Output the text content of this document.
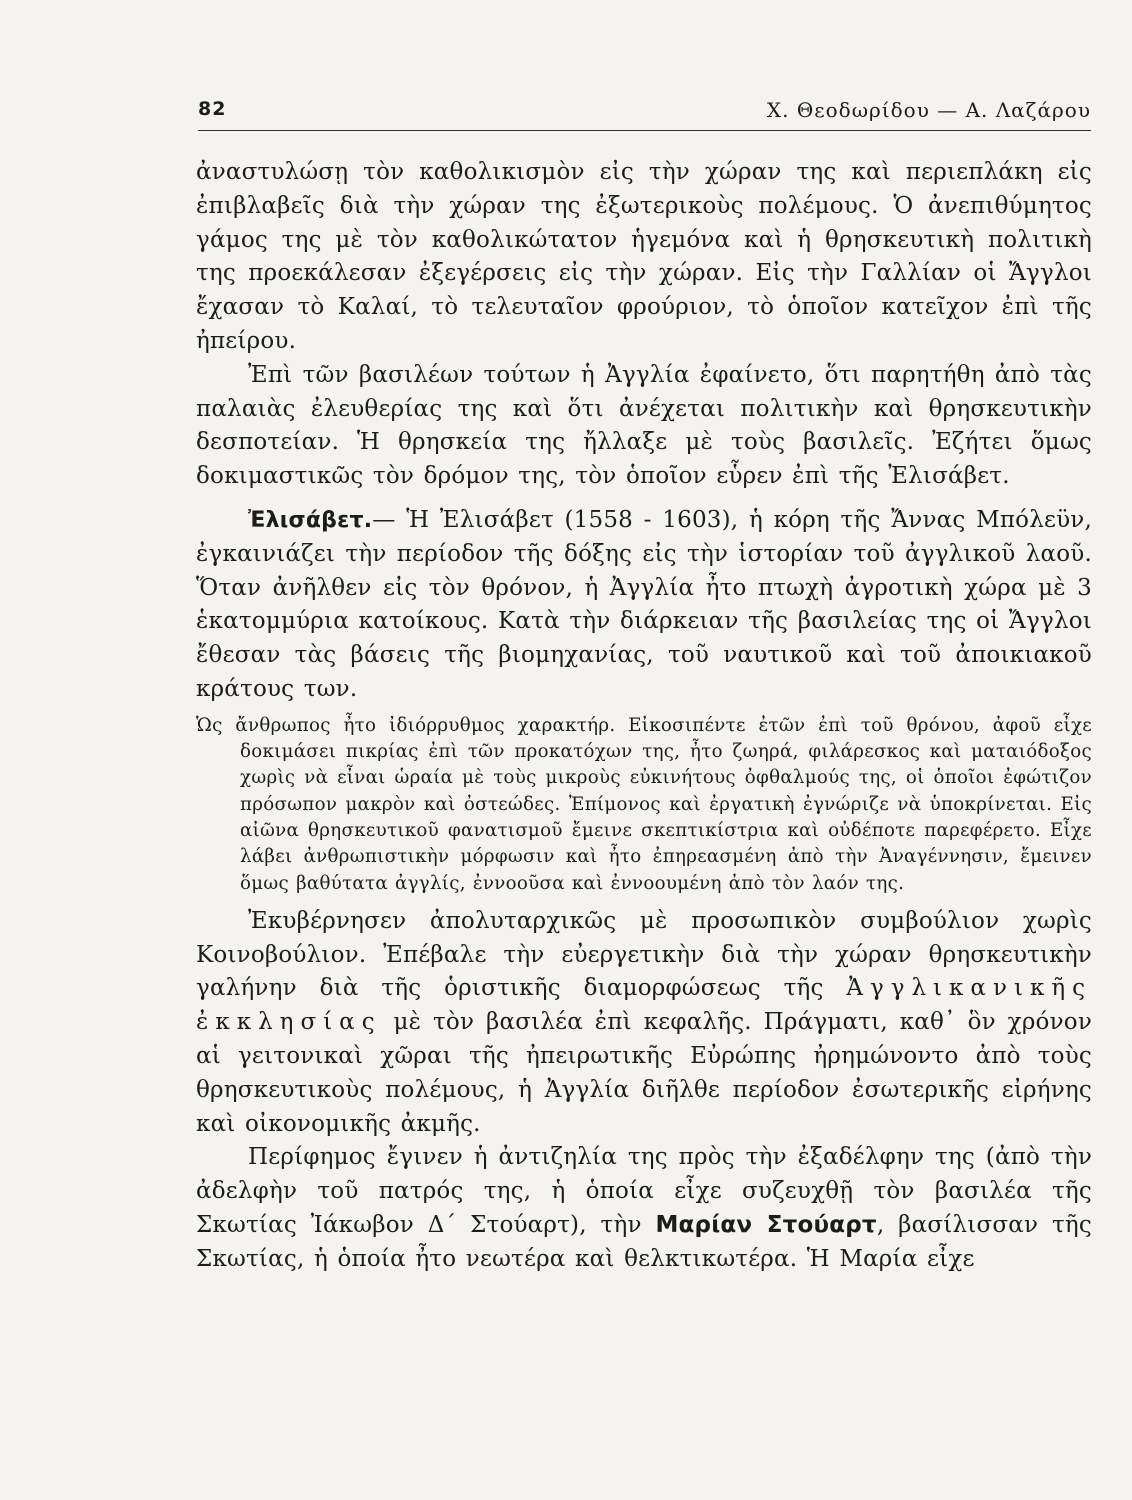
82	Χ. Θεοδωρίδου — Α. Λαζάρου

ἀναστυλώσῃ τὸν καθολικισμὸν εἰς τὴν χώραν της καὶ περιεπλάκη εἰς ἐπιβλαβεῖς διὰ τὴν χώραν της ἐξωτερικοὺς πολέμους. Ὁ ἀνεπιθύμητος γάμος της μὲ τὸν καθολικώτατον ἡγεμόνα καὶ ἡ θρησκευτικὴ πολιτικὴ της προεκάλεσαν ἐξεγέρσεις εἰς τὴν χώραν. Εἰς τὴν Γαλλίαν οἱ Ἄγγλοι ἔχασαν τὸ Καλαί, τὸ τελευταῖον φρούριον, τὸ ὁποῖον κατεῖχον ἐπὶ τῆς ἠπείρου.

Ἐπὶ τῶν βασιλέων τούτων ἡ Ἀγγλία ἐφαίνετο, ὅτι παρητήθη ἀπὸ τὰς παλαιὰς ἐλευθερίας της καὶ ὅτι ἀνέχεται πολιτικὴν καὶ θρησκευτικὴν δεσποτείαν. Ἡ θρησκεία της ἤλλαξε μὲ τοὺς βασιλεῖς. Ἐζήτει ὅμως δοκιμαστικῶς τὸν δρόμον της, τὸν ὁποῖον εὗρεν ἐπὶ τῆς Ἐλισάβετ.

Ἐλισάβετ.— Ἡ Ἐλισάβετ (1558 - 1603), ἡ κόρη τῆς Ἄννας Μπόλεϋν, ἐγκαινιάζει τὴν περίοδον τῆς δόξης εἰς τὴν ἱστορίαν τοῦ ἀγγλικοῦ λαοῦ. Ὅταν ἀνῆλθεν εἰς τὸν θρόνον, ἡ Ἀγγλία ἦτο πτωχὴ ἀγροτικὴ χώρα μὲ 3 ἑκατομμύρια κατοίκους. Κατὰ τὴν διάρκειαν τῆς βασιλείας της οἱ Ἄγγλοι ἔθεσαν τὰς βάσεις τῆς βιομηχανίας, τοῦ ναυτικοῦ καὶ τοῦ ἀποικιακοῦ κράτους των.

Ὡς ἄνθρωπος ἦτο ἰδιόρρυθμος χαρακτήρ. Εἰκοσιπέντε ἐτῶν ἐπὶ τοῦ θρόνου, ἀφοῦ εἶχε δοκιμάσει πικρίας ἐπὶ τῶν προκατόχων της, ἦτο ζωηρά, φιλάρεσκος καὶ ματαιόδοξος χωρὶς νὰ εἶναι ὡραία μὲ τοὺς μικροὺς εὐκινήτους ὀφθαλμούς της, οἱ ὁποῖοι ἐφώτιζον πρόσωπον μακρὸν καὶ ὀστεώδες. Ἐπίμονος καὶ ἐργατικὴ ἐγνώριζε νὰ ὑποκρίνεται. Εἰς αἰῶνα θρησκευτικοῦ φανατισμοῦ ἔμεινε σκεπτικίστρια καὶ οὐδέποτε παρεφέρετο. Εἶχε λάβει ἀνθρωπιστικὴν μόρφωσιν καὶ ἦτο ἐπηρεασμένη ἀπὸ τὴν Ἀναγέννησιν, ἔμεινεν ὅμως βαθύτατα ἀγγλίς, ἐννοοῦσα καὶ ἐννοουμένη ἀπὸ τὸν λαόν της.

Ἐκυβέρνησεν ἀπολυταρχικῶς μὲ προσωπικὸν συμβούλιον χωρὶς Κοινοβούλιον. Ἐπέβαλε τὴν εὐεργετικὴν διὰ τὴν χώραν θρησκευτικὴν γαλήνην διὰ τῆς ὁριστικῆς διαμορφώσεως τῆς Ἀγγλικανικῆς ἐκκλησίας μὲ τὸν βασιλέα ἐπὶ κεφαλῆς. Πράγματι, καθ᾽ ὃν χρόνον αἱ γειτονικαὶ χῶραι τῆς ἠπειρωτικῆς Εὐρώπης ἠρημώνοντο ἀπὸ τοὺς θρησκευτικοὺς πολέμους, ἡ Ἀγγλία διῆλθε περίοδον ἐσωτερικῆς εἰρήνης καὶ οἰκονομικῆς ἀκμῆς.

Περίφημος ἔγινεν ἡ ἀντιζηλία της πρὸς τὴν ἐξαδέλφην της (ἀπὸ τὴν ἀδελφὴν τοῦ πατρός της, ἡ ὁποία εἶχε συζευχθῇ τὸν βασιλέα τῆς Σκωτίας Ἰάκωβον Δ΄ Στούαρτ), τὴν Μαρίαν Στούαρτ, βασίλισσαν τῆς Σκωτίας, ἡ ὁποία ἦτο νεωτέρα καὶ θελκτικωτέρα. Ἡ Μαρία εἶχε
